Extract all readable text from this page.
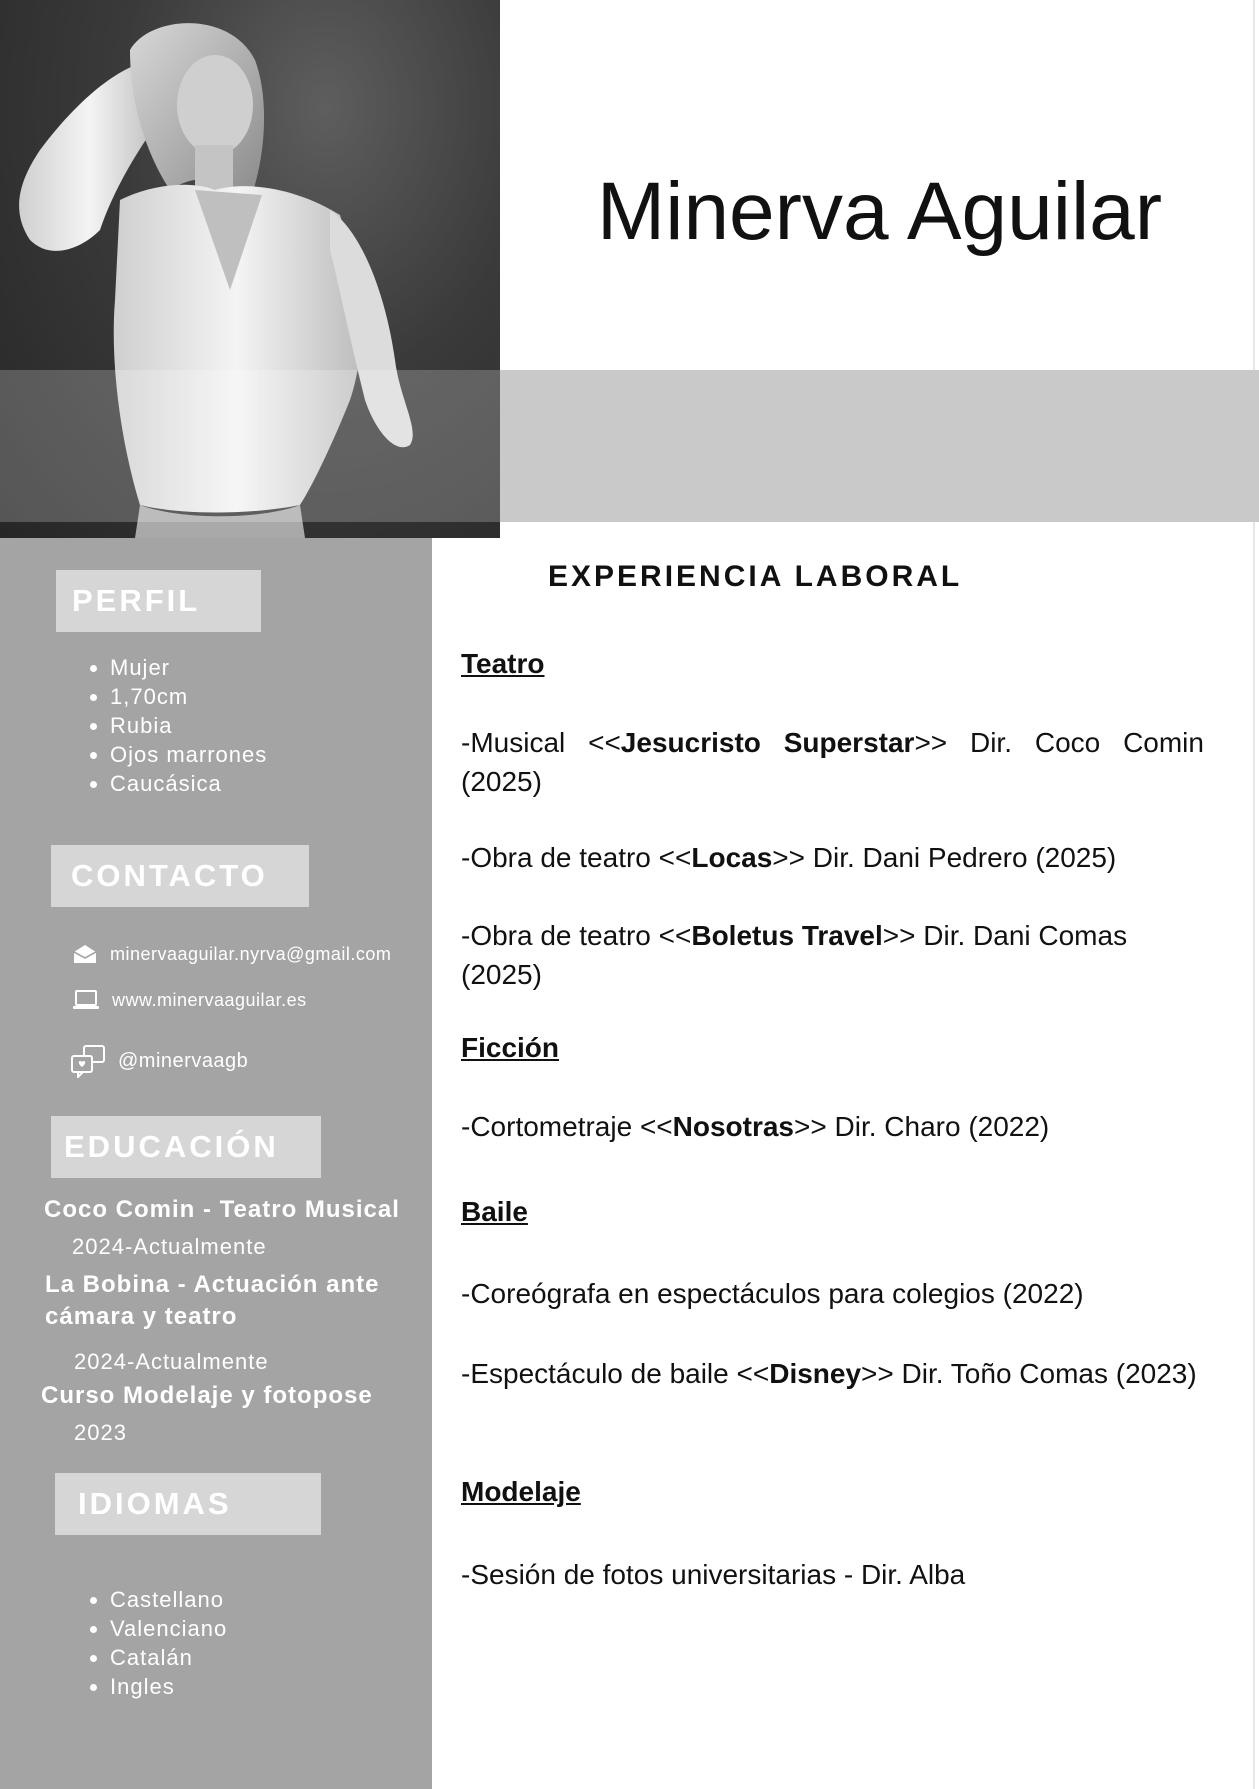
Minerva Aguilar
PERFIL
• Mujer
• 1,70cm
• Rubia
• Ojos marrones
• Caucásica
CONTACTO
minervaaguilar.nyrva@gmail.com
www.minervaaguilar.es
@minervaagb
EDUCACIÓN

Coco Comin - Teatro Musical

2024-Actualmente

La Bobina - Actuación ante

cámara y teatro

2024-Actualmente

Curso Modelaje y fotopose

2023
IDIOMAS
• Castellano
• Valenciano
• Catalán
• Ingles
EXPERIENCIA LABORAL
Teatro

-Musical <<Jesucristo Superstar>> Dir. Coco Comin (2025)

-Obra de teatro <<Locas>> Dir. Dani Pedrero (2025)

-Obra de teatro <<Boletus Travel>> Dir. Dani Comas (2025)

Ficción

-Cortometraje <<Nosotras>> Dir. Charo (2022)

Baile

-Coreógrafa en espectáculos para colegios (2022)

-Espectáculo de baile <<Disney>> Dir. Toño Comas (2023)

Modelaje

-Sesión de fotos universitarias - Dir. Alba
